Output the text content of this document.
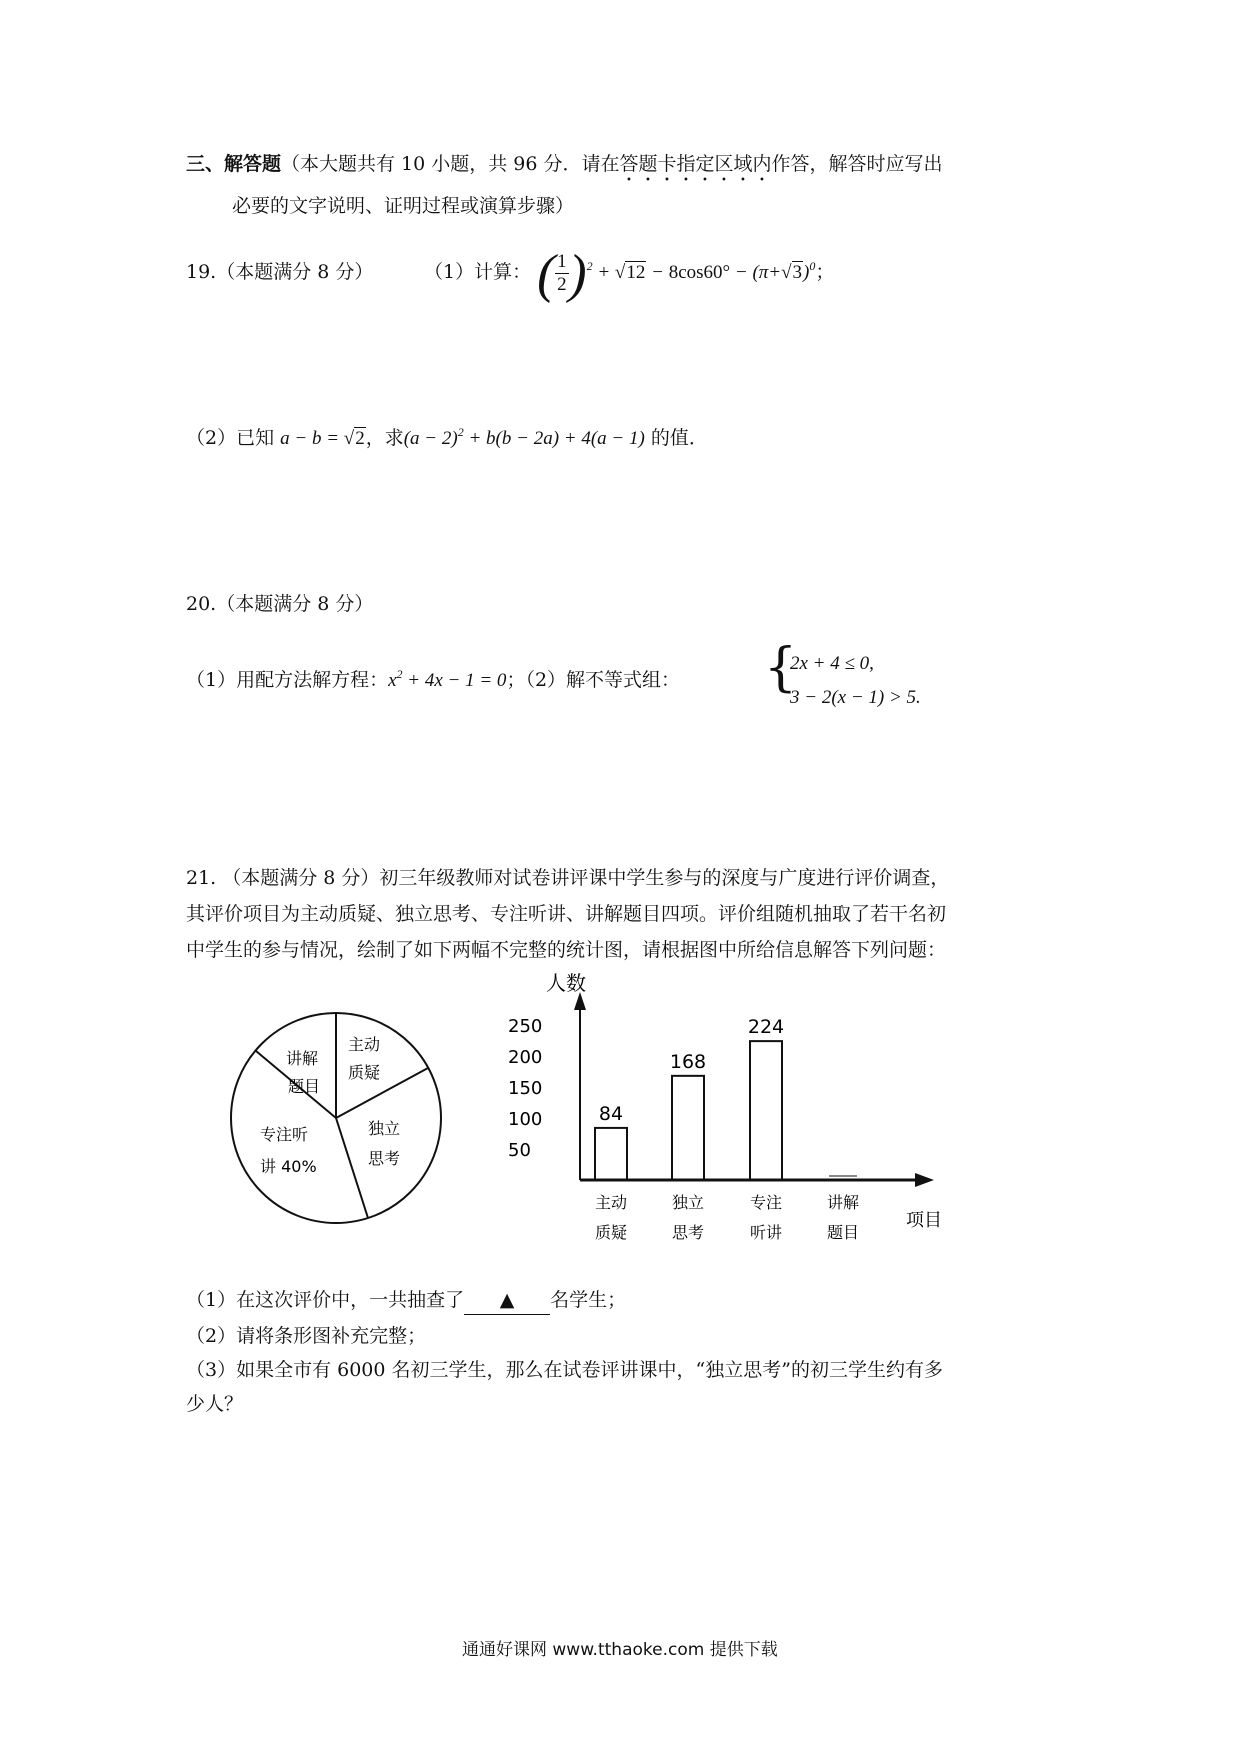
三、解答题（本大题共有 10 小题，共 96 分．请在答题卡指定区域内作答，解答时应写出
必要的文字说明、证明过程或演算步骤）
19.（本题满分 8 分）	（1）计算： ( $\frac{1}{2} )^2 + √12 - 8\cos 60^\circ - (\pi+√3)^0$；
（2）已知 a − b = √2，求$(a - 2)^2 + b(b - 2a) + 4(a - 1)$ 的值．
20.（本题满分 8 分）
（1）用配方法解方程：$x^2 + 4x - 1 = 0$；（2）解不等式组： {
2x + 4 ≤ 0,
3 − 2(x − 1) > 5.
21. （本题满分 8 分）初三年级教师对试卷讲评课中学生参与的深度与广度进行评价调查，
其评价项目为主动质疑、独立思考、专注听讲、讲解题目四项。评价组随机抽取了若干名初
中学生的参与情况，绘制了如下两幅不完整的统计图，请根据图中所给信息解答下列问题：
主动
质疑
独立
思考
专注听
讲 40%
讲解
题目
84
168
224
人数
项目
50
100
150
200
250
主动
质疑
独立
思考
专注
听讲
讲解
题目
（1）在这次评价中，一共抽查了 ▲ 名学生；
（2）请将条形图补充完整；
（3）如果全市有 6000 名初三学生，那么在试卷评讲课中，“独立思考”的初三学生约有多
少人？
通通好课网 www.tthaoke.com 提供下载
